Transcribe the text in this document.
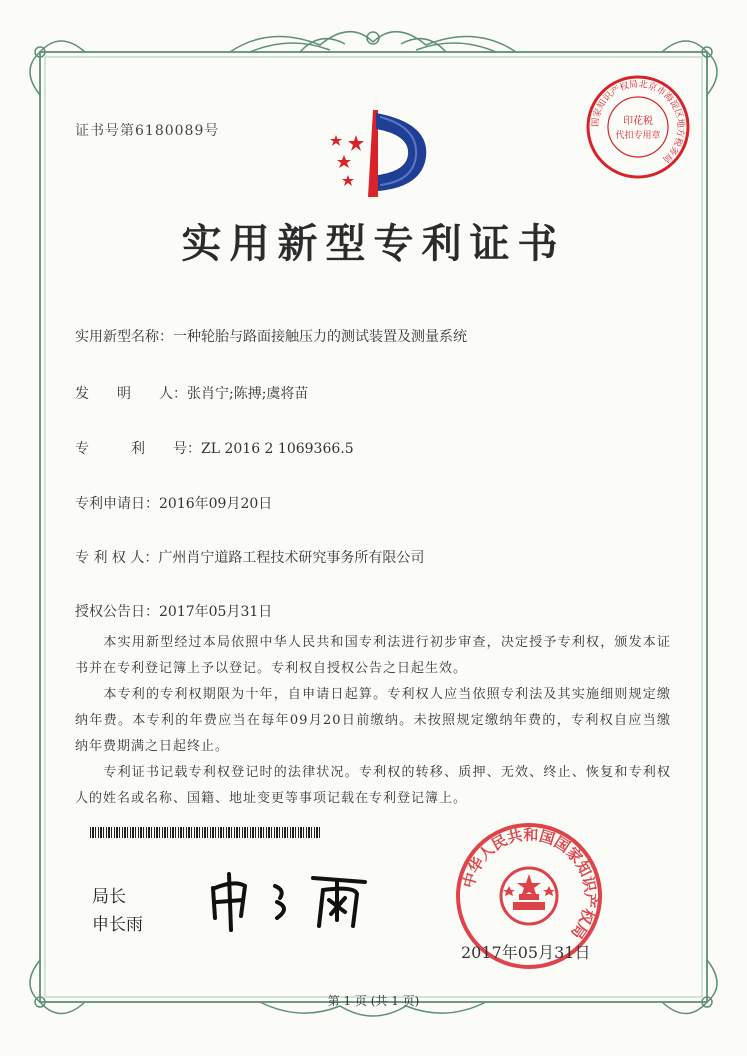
国家知识产权局北京市海淀区地方税务局
印花税
代扣专用章

证书号第6180089号

实用新型专利证书

实用新型名称：一种轮胎与路面接触压力的测试装置及测量系统

发　　明　　人：张肖宁;陈搏;虞将苗

专　　　利　　号：ZL 2016 2 1069366.5

专利申请日：2016年09月20日

专 利 权 人：广州肖宁道路工程技术研究事务所有限公司

授权公告日：2017年05月31日

　　本实用新型经过本局依照中华人民共和国专利法进行初步审查，决定授予专利权，颁发本证书并在专利登记簿上予以登记。专利权自授权公告之日起生效。

　　本专利的专利权期限为十年，自申请日起算。专利权人应当依照专利法及其实施细则规定缴纳年费。本专利的年费应当在每年09月20日前缴纳。未按照规定缴纳年费的，专利权自应当缴纳年费期满之日起终止。

　　专利证书记载专利权登记时的法律状况。专利权的转移、质押、无效、终止、恢复和专利权人的姓名或名称、国籍、地址变更等事项记载在专利登记簿上。

局长

申长雨

中华人民共和国国家知识产权局

2017年05月31日

第 1 页 (共 1 页)
